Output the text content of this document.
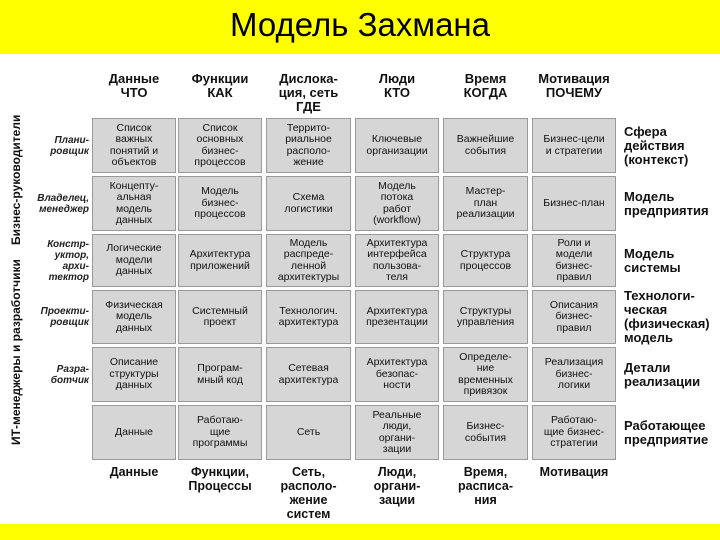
Модель Захмана
Бизнес-руководители
ИТ-менеджеры и разработчики
Данные
ЧТО
Функции
КАК
Дислока-
ция, сеть
ГДЕ
Люди
КТО
Время
КОГДА
Мотивация
ПОЧЕМУ
Плани-
ровщик
Владелец,
менеджер
Констр-
уктор,
архи-
тектор
Проекти-
ровщик
Разра-
ботчик
Список
важных
понятий и
объектов
Список
основных
бизнес-
процессов
Террито-
риальное
располо-
жение
Ключевые
организации
Важнейшие
события
Бизнес-цели
и стратегии
Концепту-
альная
модель
данных
Модель
бизнес-
процессов
Схема
логистики
Модель
потока
работ
(workflow)
Мастер-
план
реализации
Бизнес-план
Логические
модели
данных
Архитектура
приложений
Модель
распреде-
ленной
архитектуры
Архитектура
интерфейса
пользова-
теля
Структура
процессов
Роли и
модели
бизнес-
правил
Физическая
модель
данных
Системный
проект
Технологич.
архитектура
Архитектура
презентации
Структуры
управления
Описания
бизнес-
правил
Описание
структуры
данных
Програм-
мный код
Сетевая
архитектура
Архитектура
безопас-
ности
Определе-
ние
временных
привязок
Реализация
бизнес-
логики
Данные
Работаю-
щие
программы
Сеть
Реальные
люди,
органи-
зации
Бизнес-
события
Работаю-
щие бизнес-
стратегии
Сфера
действия
(контекст)
Модель
предприятия
Модель
системы
Технологи-
ческая
(физическая)
модель
Детали
реализации
Работающее
предприятие
Данные	Функции,
Процессы
Сеть,
располо-
жение
систем
Люди,
органи-
зации
Время,
расписа-
ния
Мотивация
